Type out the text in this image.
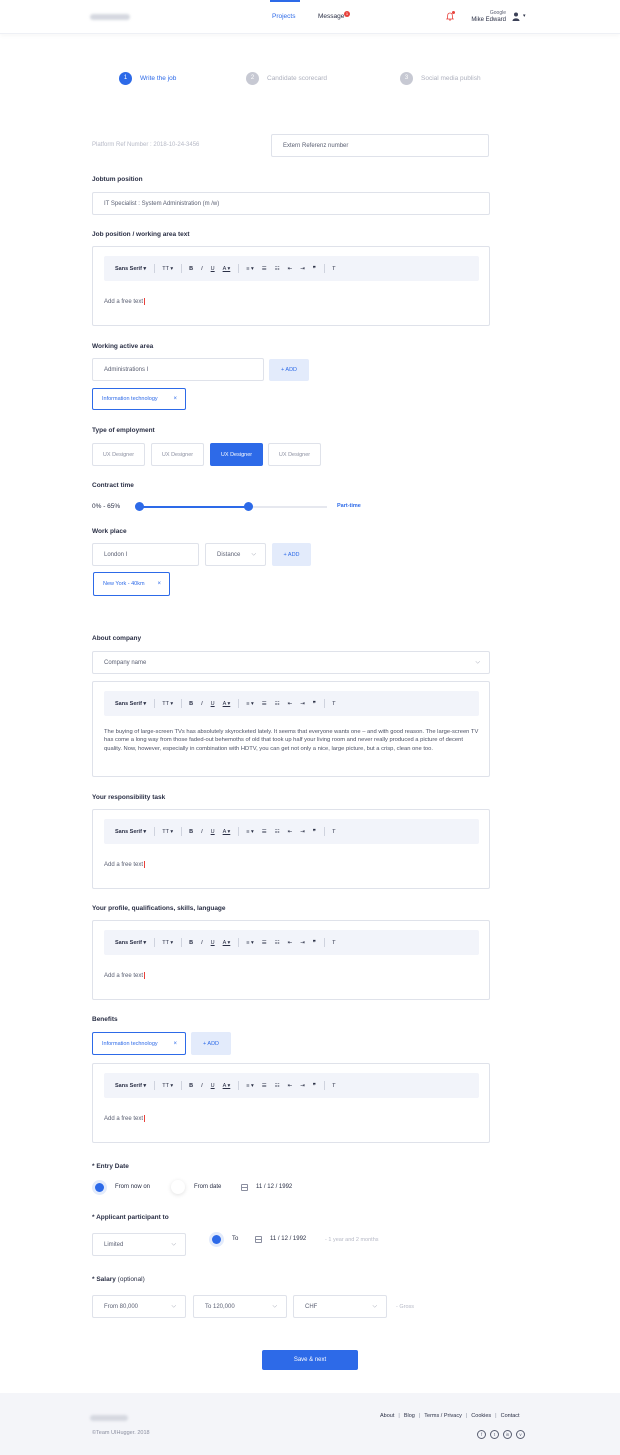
Projects	Message 1	Google
Mike Edward
▾
1	Write the job	2	Candidate scorecard	3	Social media publish
Platform Ref Number : 2018-10-24-3456	Extern Referenz number
Jobtum position
IT Specialist : System Administration (m /w)
Job position / working area text
Sans Serif ▾	TT ▾	B I U A ▾	≡ ▾ ☰ ☷ ⇤ ⇥ ❞	T
Add a free text
Working active area
Administrations I	+ ADD
Information technology	×
Type of employment
UX Designer	UX Designer	UX Designer	UX Designer
Contract time
0% - 65%	Part-time
Work place
London I	Distance ⌵	+ ADD
New York - 40km ×
About company
Company name	⌵
Sans Serif ▾	TT ▾	B I U A ▾	≡ ▾ ☰ ☷ ⇤ ⇥ ❞	T
The buying of large-screen TVs has absolutely skyrocketed lately. It seems that everyone wants one – and with good reason. The large-screen TV has come a long way from those faded-out behemoths of old that took up half your living room and never really produced a picture of decent quality. Now, however, especially in combination with HDTV, you can get not only a nice, large picture, but a crisp, clean one too.
Your responsibility task
Sans Serif ▾	TT ▾	B I U A ▾	≡ ▾ ☰ ☷ ⇤ ⇥ ❞	T
Add a free text
Your profile, qualifications, skills, language
Sans Serif ▾	TT ▾	B I U A ▾	≡ ▾ ☰ ☷ ⇤ ⇥ ❞	T
Add a free text
Benefits
Information technology	×	+ ADD
Sans Serif ▾	TT ▾	B I U A ▾	≡ ▾ ☰ ☷ ⇤ ⇥ ❞	T
Add a free text
* Entry Date
From now on	From date	11 / 12 / 1992
* Applicant participant to
Limited	⌵
To	11 / 12 / 1992	- 1 year and 2 months
* Salary (optional)
From 80,000	⌵	To 120,000	⌵	CHF	⌵	- Gross
Save & next
©Team UIHugger. 2018
About | Blog | Terms / Privacy | Cookies | Contact
f	t	in	v
